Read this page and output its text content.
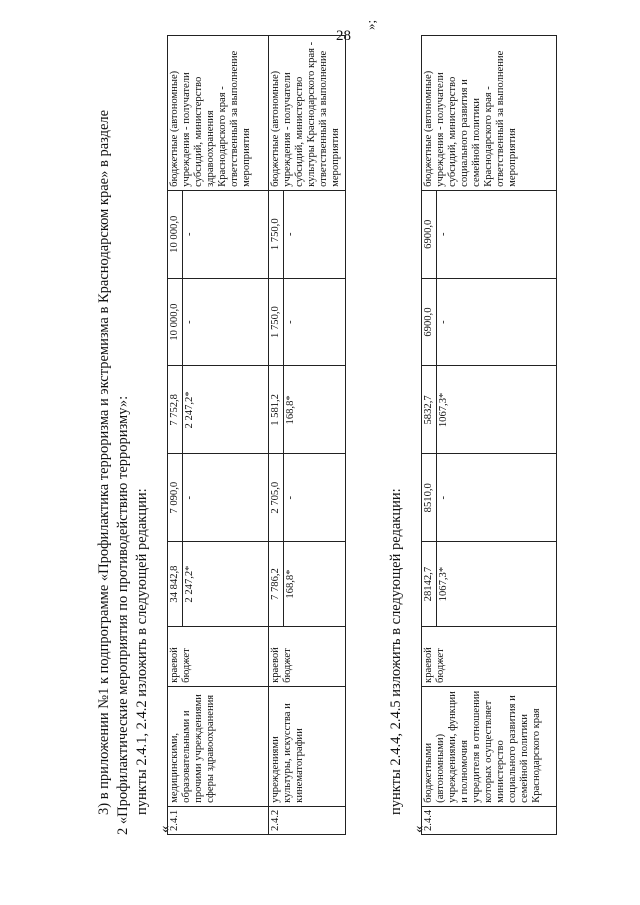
28
3) в приложении №1 к подпрограмме «Профилактика терроризма и экстремизма в Краснодарском крае» в разделе 2 «Профилактические мероприятия по противодействию терроризму»: пункты 2.4.1, 2.4.2 изложить в следующей редакции:
«
2.4.1	медицинскими, образовательными и прочими учреждениями сферы здравоохранения	краевой бюджет	34 842,8	7 090,0	7 752,8	10 000,0	10 000,0	бюджетные (автономные) учреждения - получатели субсидий, министерство здравоохранения Краснодарского края - ответственный за выполнение мероприятия
			2 247,2*	-	2 247,2*	-	-	
2.4.2	учреждениями культуры, искусства и кинематографии	краевой бюджет	7 786,2	2 705,0	1 581,2	1 750,0	1 750,0	бюджетные (автономные) учреждения - получатели субсидий, министерство культуры Краснодарского края - ответственный за выполнение мероприятия
			168,8*	-	168,8*	-	-	
»;
пункты 2.4.4, 2.4.5 изложить в следующей редакции:
«
2.4.4	бюджетными (автономными) учреждениями, функции и полномочия учредителя в отношении которых осуществляет министерство социального развития и семейной политики Краснодарского края	краевой бюджет	28142,7	8510,0	5832,7	6900,0	6900,0	бюджетные (автономные) учреждения - получатели субсидий, министерство социального развития и семейной политики Краснодарского края - ответственный за выполнение мероприятия
			1067,3*	-	1067,3*	-	-	
